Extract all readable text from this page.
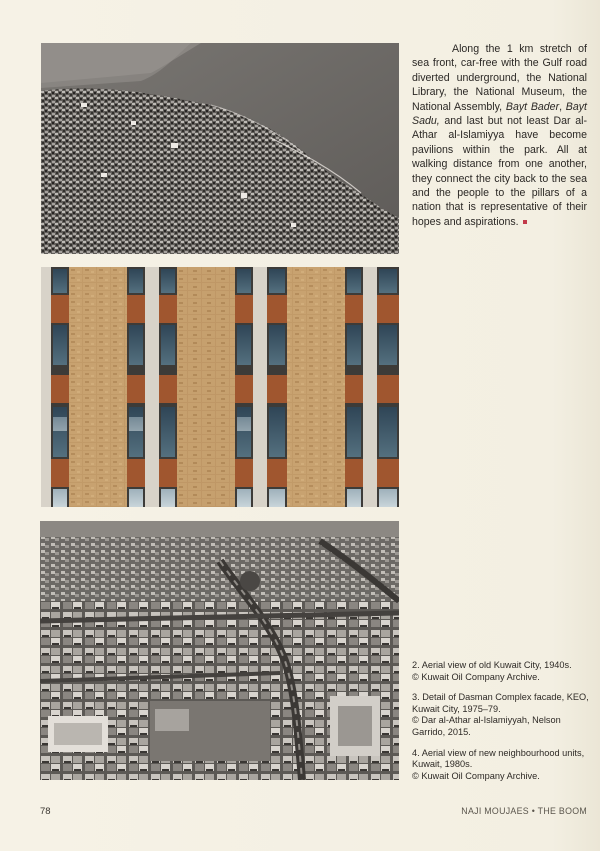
Along the 1 km stretch of sea front, car-free with the Gulf road diverted underground, the National Library, the National Museum, the National Assembly, Bayt Bader, Bayt Sadu, and last but not least Dar al-Athar al-Islamiyya have become pavilions within the park. All at walking distance from one another, they connect the city back to the sea and the people to the pillars of a nation that is representative of their hopes and aspirations.

2. Aerial view of old Kuwait City, 1940s.
© Kuwait Oil Company Archive.
3. Detail of Dasman Complex facade, KEO, Kuwait City, 1975–79.
© Dar al-Athar al-Islamiyyah, Nelson Garrido, 2015.
4. Aerial view of new neighbourhood units, Kuwait, 1980s.
© Kuwait Oil Company Archive.
78	NAJI MOUJAES • THE BOOM
